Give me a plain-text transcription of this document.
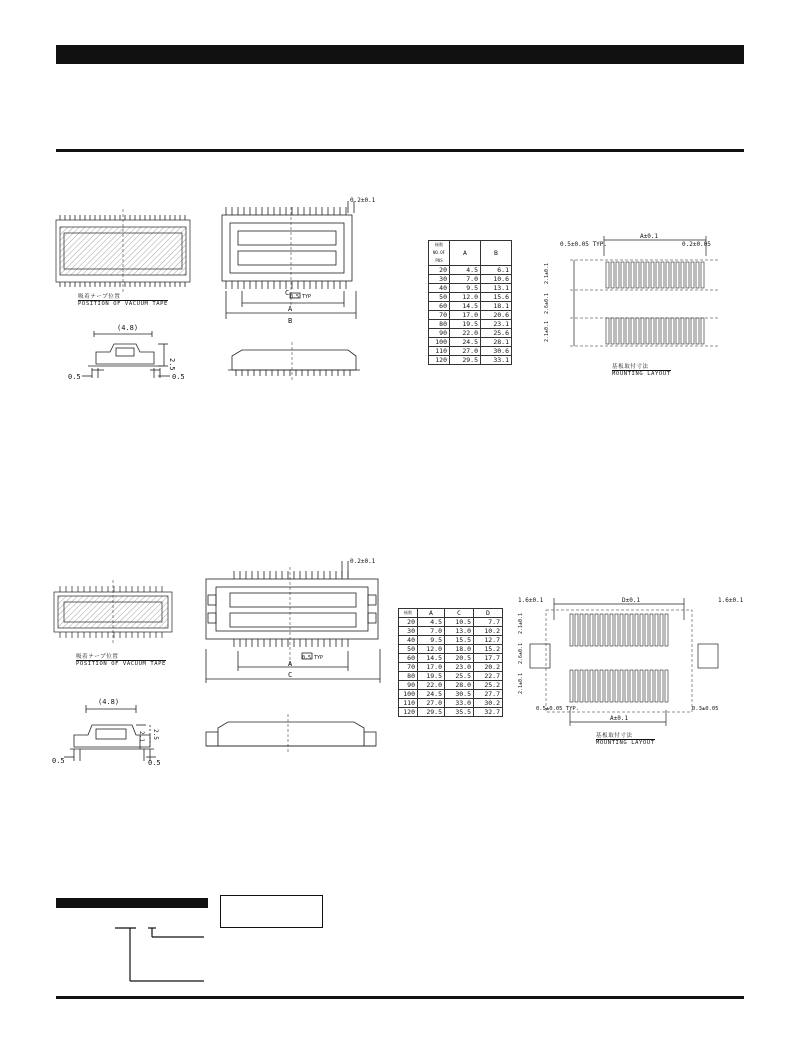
吸着テープ位置
POSITION OF VACUUM TAPE
(4.8)
2.5
0.5	0.5
0.2±0.1
C 0.5 TYP
A
B
極数 NO.OF POS	A	B
20	4.5	6.1
30	7.0	10.6
40	9.5	13.1
50	12.0	15.6
60	14.5	18.1
70	17.0	20.6
80	19.5	23.1
90	22.0	25.6
100	24.5	28.1
110	27.0	30.6
120	29.5	33.1
A±0.1
0.5±0.05 TYP.	0.2±0.05
2.1±0.1
2.6±0.1
2.1±0.1
基板取付寸法
MOUNTING LAYOUT
吸着テープ位置
POSITION OF VACUUM TAPE
(4.8)
2.1 2.5
0.5	0.5
0.2±0.1
0.5 TYP
A
C
極数	A	C	D
20	4.5	10.5	7.7
30	7.0	13.0	10.2
40	9.5	15.5	12.7
50	12.0	18.0	15.2
60	14.5	20.5	17.7
70	17.0	23.0	20.2
80	19.5	25.5	22.7
90	22.0	28.0	25.2
100	24.5	30.5	27.7
110	27.0	33.0	30.2
120	29.5	35.5	32.7
D±0.1
1.6±0.1	1.6±0.1
A±0.1
0.5±0.05 TYP.	0.3±0.05
2.1±0.1
2.6±0.1
2.1±0.1
基板取付寸法
MOUNTING LAYOUT
